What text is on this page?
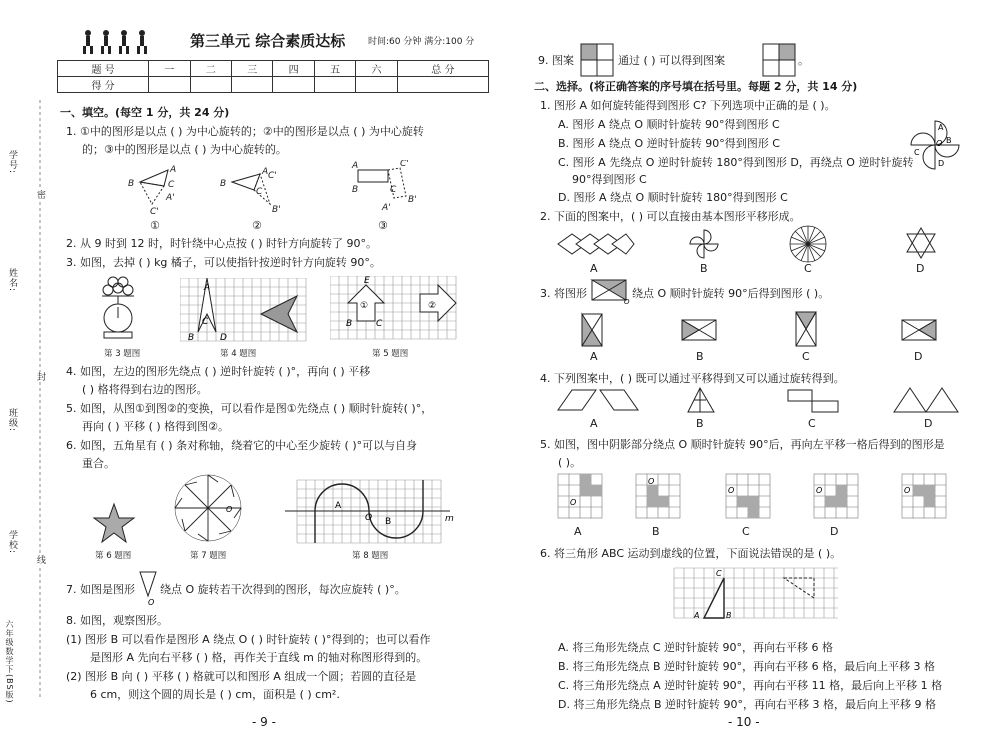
第三单元 综合素质达标	时间:60 分钟 满分:100 分
题 号	一	二	三	四	五	六	总 分
得 分							
学号:
姓名:
班级:
学校:
密
封
线
六年级数学下(BS版)
一、填空。(每空 1 分，共 24 分)
1. ①中的图形是以点 ( ) 为中心旋转的；②中的图形是以点 ( ) 为中心旋转
的；③中的图形是以点 ( ) 为中心旋转的。
A
C
B
C'
A'
B
A C'
C
B'
A
B	C
C'
B'
A'
①	②	③
2. 从 9 时到 12 时，时针绕中心点按 ( ) 时针方向旋转了 90°。
3. 如图，去掉 ( ) kg 橘子，可以使指针按逆时针方向旋转 90°。
A
B
C
D
①	②
E
B	C
第 3 题图	第 4 题图	第 5 题图
4. 如图，左边的图形先绕点 ( ) 逆时针旋转 ( )°，再向 ( ) 平移
( ) 格将得到右边的图形。
5. 如图，从图①到图②的变换，可以看作是图①先绕点 ( ) 顺时针旋转( )°，
再向 ( ) 平移 ( ) 格得到图②。
6. 如图，五角星有 ( ) 条对称轴，绕着它的中心至少旋转 ( )°可以与自身
重合。
O	A
B
O	m
第 6 题图	第 7 题图	第 8 题图
7. 如图是图形
O
绕点 O 旋转若干次得到的图形，每次应旋转 ( )°。
8. 如图，观察图形。
(1) 图形 B 可以看作是图形 A 绕点 O ( ) 时针旋转 ( )°得到的；也可以看作
是图形 A 先向右平移 ( ) 格，再作关于直线 m 的轴对称图形得到的。
(2) 图形 B 向 ( ) 平移 ( ) 格就可以和图形 A 组成一个圆；若圆的直径是
6 cm，则这个圆的周长是 ( ) cm，面积是 ( ) cm².
- 9 -
9. 图案	通过 ( ) 可以得到图案	。
二、选择。(将正确答案的序号填在括号里。每题 2 分，共 14 分)
1. 图形 A 如何旋转能得到图形 C? 下列选项中正确的是 ( )。
A. 图形 A 绕点 O 顺时针旋转 90°得到图形 C
B. 图形 A 绕点 O 逆时针旋转 90°得到图形 C
C. 图形 A 先绕点 O 逆时针旋转 180°得到图形 D，再绕点 O 逆时针旋转
90°得到图形 C
D. 图形 A 绕点 O 顺时针旋转 180°得到图形 C
A
B
D
C
O
2. 下面的图案中，( ) 可以直接由基本图形平移形成。
A	B	C	D
3. 将图形
O
绕点 O 顺时针旋转 90°后得到图形 ( )。
A	B	C	D
4. 下列图案中，( ) 既可以通过平移得到又可以通过旋转得到。
A	B	C	D
5. 如图，图中阴影部分绕点 O 顺时针旋转 90°后，再向左平移一格后得到的图形是
( )。
O
O
O	O	O
A	B	C	D
6. 将三角形 ABC 运动到虚线的位置，下面说法错误的是 ( )。
C
A	B
A. 将三角形先绕点 C 逆时针旋转 90°，再向右平移 6 格
B. 将三角形先绕点 B 逆时针旋转 90°，再向右平移 6 格，最后向上平移 3 格
C. 将三角形先绕点 A 逆时针旋转 90°，再向右平移 11 格，最后向上平移 1 格
D. 将三角形先绕点 B 逆时针旋转 90°，再向右平移 3 格，最后向上平移 9 格
- 10 -
